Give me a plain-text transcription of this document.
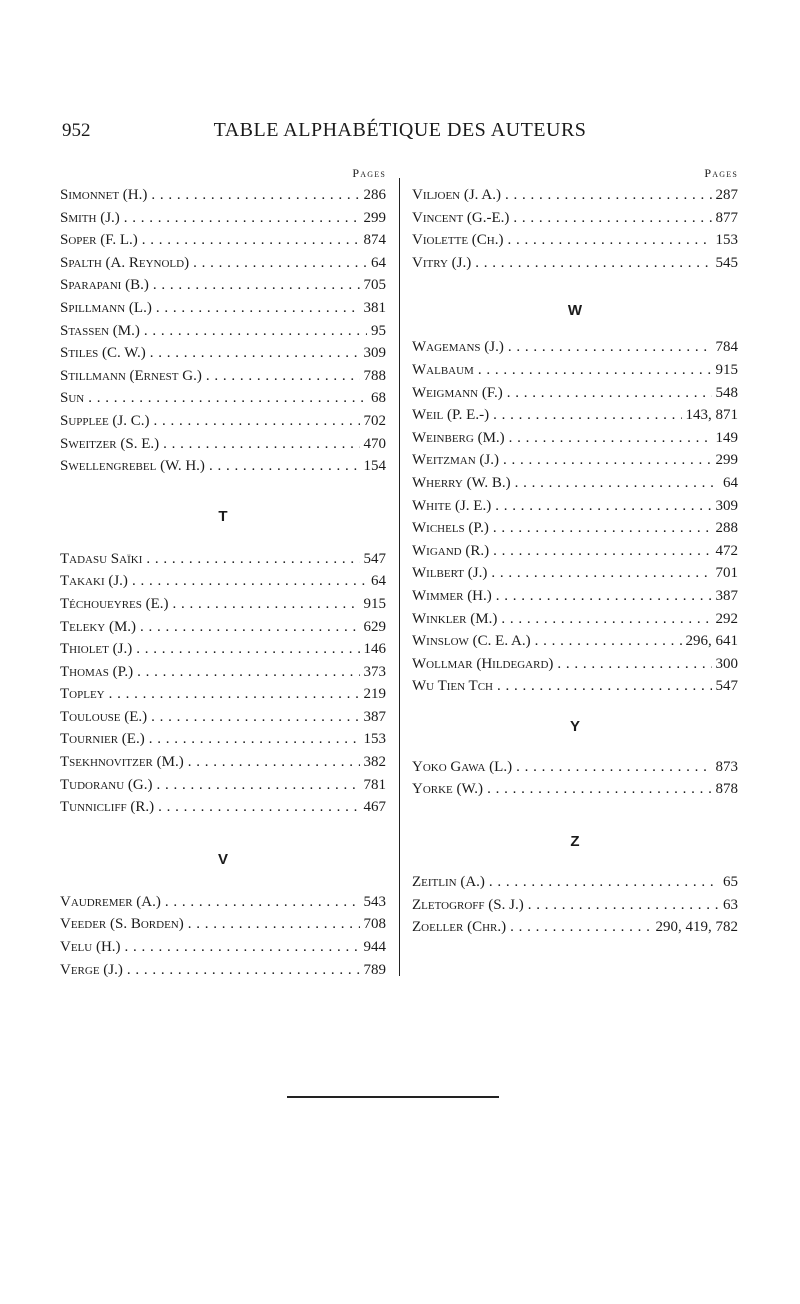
952	TABLE ALPHABÉTIQUE DES AUTEURS
Pages
Simonnet (H.) . . .	286
Smith (J.) . . .	299
Soper (F. L.) . . .	874
Spalth (A. Reynold) . . .	64
Sparapani (B.) . . .	705
Spillmann (L.) . . .	381
Stassen (M.) . . .	95
Stiles (C. W.) . . .	309
Stillmann (Ernest G.) . . .	788
Sun . . .	68
Supplee (J. C.) . . .	702
Sweitzer (S. E.) . . .	470
Swellengrebel (W. H.) . . .	154
T
Tadasu Saïki . . .	547
Takaki (J.) . . .	64
Téchoueyres (E.) . . .	915
Teleky (M.) . . .	629
Thiolet (J.) . . .	146
Thomas (P.) . . .	373
Topley . . .	219
Toulouse (E.) . . .	387
Tournier (E.) . . .	153
Tsekhnovitzer (M.) . . .	382
Tudoranu (G.) . . .	781
Tunnicliff (R.) . . .	467
V
Vaudremer (A.) . . .	543
Veeder (S. Borden) . . .	708
Velu (H.) . . .	944
Verge (J.) . . .	789
Pages
Viljoen (J. A.) . . .	287
Vincent (G.-E.) . . .	877
Violette (Ch.) . . .	153
Vitry (J.) . . .	545
W
Wagemans (J.) . . .	784
Walbaum . . .	915
Weigmann (F.) . . .	548
Weil (P. E.-) . . .	143, 871
Weinberg (M.) . . .	149
Weitzman (J.) . . .	299
Wherry (W. B.) . . .	64
White (J. E.) . . .	309
Wichels (P.) . . .	288
Wigand (R.) . . .	472
Wilbert (J.) . . .	701
Wimmer (H.) . . .	387
Winkler (M.) . . .	292
Winslow (C. E. A.) . . .	296, 641
Wollmar (Hildegard) . . .	300
Wu Tien Tch . . .	547
Y
Yoko Gawa (L.) . . .	873
Yorke (W.) . . .	878
Z
Zeitlin (A.) . . .	65
Zletogroff (S. J.) . . .	63
Zoeller (Chr.) . . .	290, 419, 782
